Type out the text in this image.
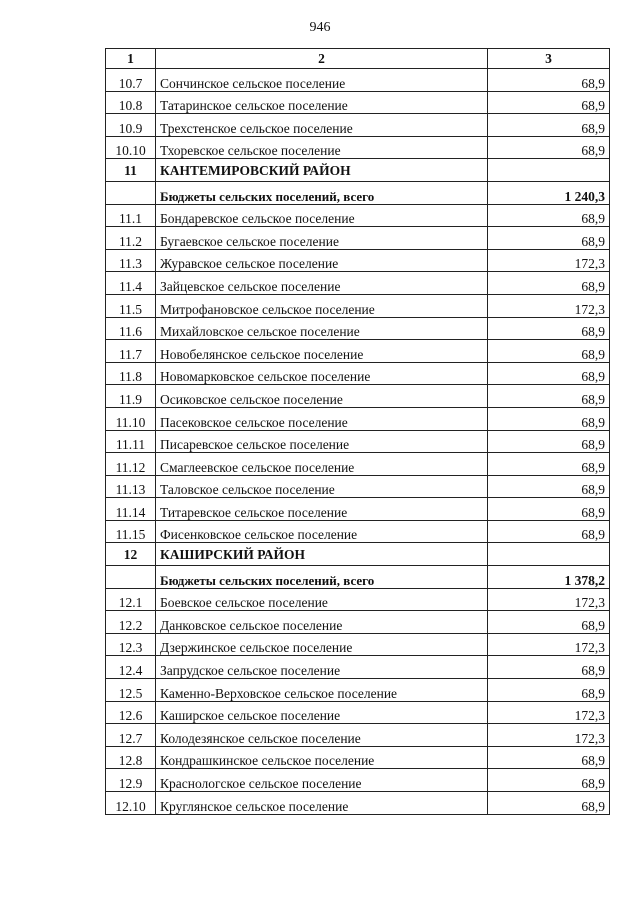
946
1	2	3
10.7	Сончинское сельское поселение	68,9
10.8	Татаринское сельское поселение	68,9
10.9	Трехстенское сельское поселение	68,9
10.10	Тхоревское сельское поселение	68,9
11	КАНТЕМИРОВСКИЙ РАЙОН	
	Бюджеты сельских поселений, всего	1 240,3
11.1	Бондаревское сельское поселение	68,9
11.2	Бугаевское сельское поселение	68,9
11.3	Журавское сельское поселение	172,3
11.4	Зайцевское сельское поселение	68,9
11.5	Митрофановское сельское поселение	172,3
11.6	Михайловское сельское поселение	68,9
11.7	Новобелянское сельское поселение	68,9
11.8	Новомарковское сельское поселение	68,9
11.9	Осиковское сельское поселение	68,9
11.10	Пасековское сельское поселение	68,9
11.11	Писаревское сельское поселение	68,9
11.12	Смаглеевское сельское поселение	68,9
11.13	Таловское сельское поселение	68,9
11.14	Титаревское сельское поселение	68,9
11.15	Фисенковское сельское поселение	68,9
12	КАШИРСКИЙ РАЙОН	
	Бюджеты сельских поселений, всего	1 378,2
12.1	Боевское сельское поселение	172,3
12.2	Данковское сельское поселение	68,9
12.3	Дзержинское сельское поселение	172,3
12.4	Запрудское сельское поселение	68,9
12.5	Каменно-Верховское сельское поселение	68,9
12.6	Каширское сельское поселение	172,3
12.7	Колодезянское сельское поселение	172,3
12.8	Кондрашкинское сельское поселение	68,9
12.9	Краснологское сельское поселение	68,9
12.10	Круглянское сельское поселение	68,9
